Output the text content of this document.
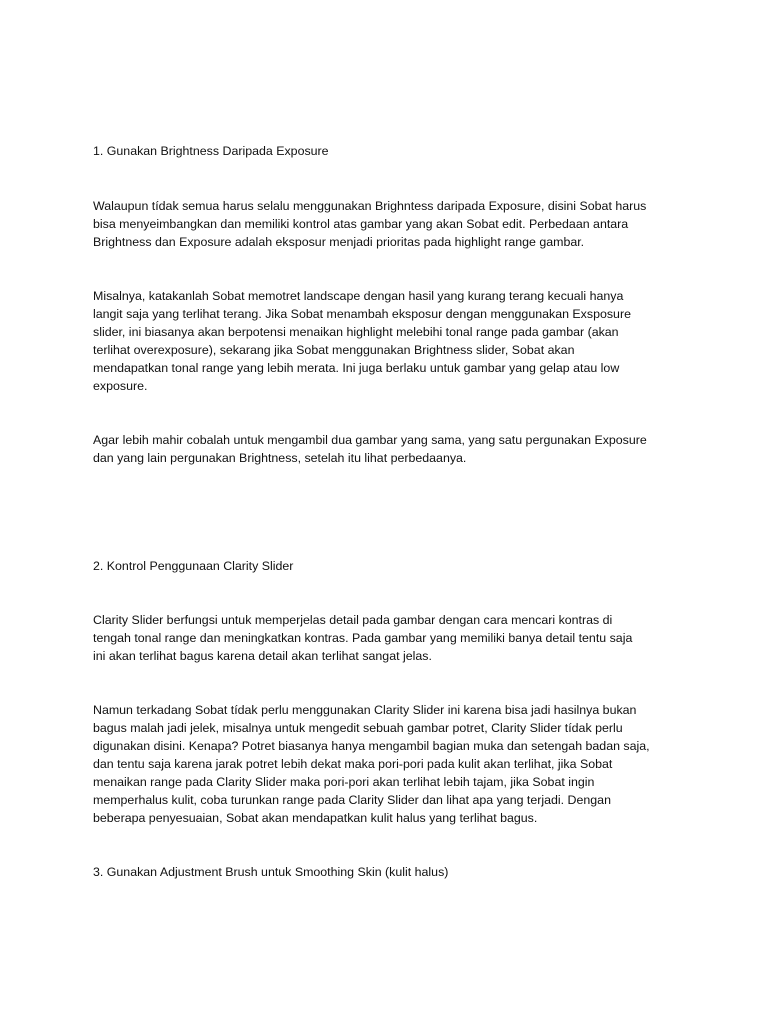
1. Gunakan Brightness Daripada Exposure

Walaupun tídak semua harus selalu menggunakan Brighntess daripada Exposure, disini Sobat harus
bisa menyeimbangkan dan memiliki kontrol atas gambar yang akan Sobat edit. Perbedaan antara
Brightness dan Exposure adalah eksposur menjadi prioritas pada highlight range gambar.

Misalnya, katakanlah Sobat memotret landscape dengan hasil yang kurang terang kecuali hanya
langit saja yang terlihat terang. Jika Sobat menambah eksposur dengan menggunakan Exsposure
slider, ini biasanya akan berpotensi menaikan highlight melebihi tonal range pada gambar (akan
terlihat overexposure), sekarang jika Sobat menggunakan Brightness slider, Sobat akan
mendapatkan tonal range yang lebih merata. Ini juga berlaku untuk gambar yang gelap atau low
exposure.

Agar lebih mahir cobalah untuk mengambil dua gambar yang sama, yang satu pergunakan Exposure
dan yang lain pergunakan Brightness, setelah itu lihat perbedaanya.

2. Kontrol Penggunaan Clarity Slider

Clarity Slider berfungsi untuk memperjelas detail pada gambar dengan cara mencari kontras di
tengah tonal range dan meningkatkan kontras. Pada gambar yang memiliki banya detail tentu saja
ini akan terlihat bagus karena detail akan terlihat sangat jelas.

Namun terkadang Sobat tídak perlu menggunakan Clarity Slider ini karena bisa jadi hasilnya bukan
bagus malah jadi jelek, misalnya untuk mengedit sebuah gambar potret, Clarity Slider tídak perlu
digunakan disini. Kenapa? Potret biasanya hanya mengambil bagian muka dan setengah badan saja,
dan tentu saja karena jarak potret lebih dekat maka pori-pori pada kulit akan terlihat, jika Sobat
menaikan range pada Clarity Slider maka pori-pori akan terlihat lebih tajam, jika Sobat ingin
memperhalus kulit, coba turunkan range pada Clarity Slider dan lihat apa yang terjadi. Dengan
beberapa penyesuaian, Sobat akan mendapatkan kulit halus yang terlihat bagus.

3. Gunakan Adjustment Brush untuk Smoothing Skin (kulit halus)
